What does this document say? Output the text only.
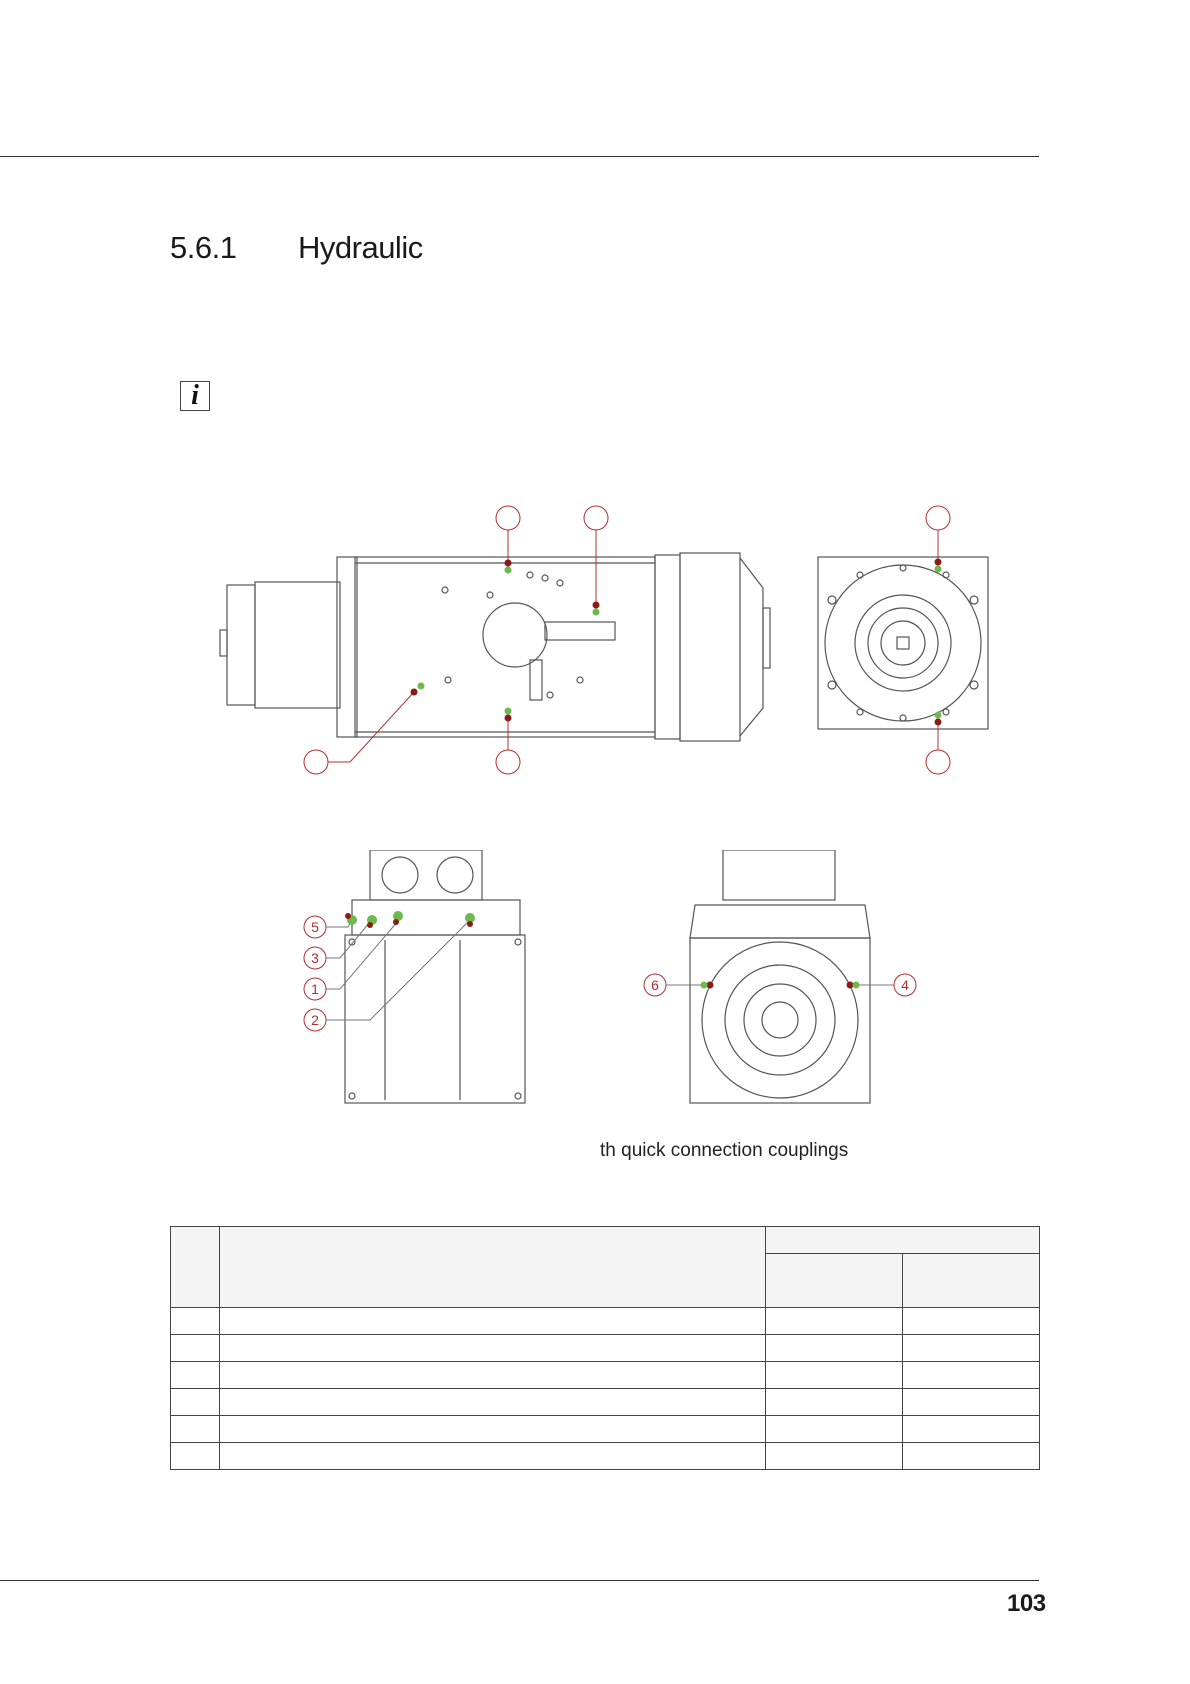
5.6.1 Hydraulic
i
5
3
1
2
6	4
th quick connection couplings

103
